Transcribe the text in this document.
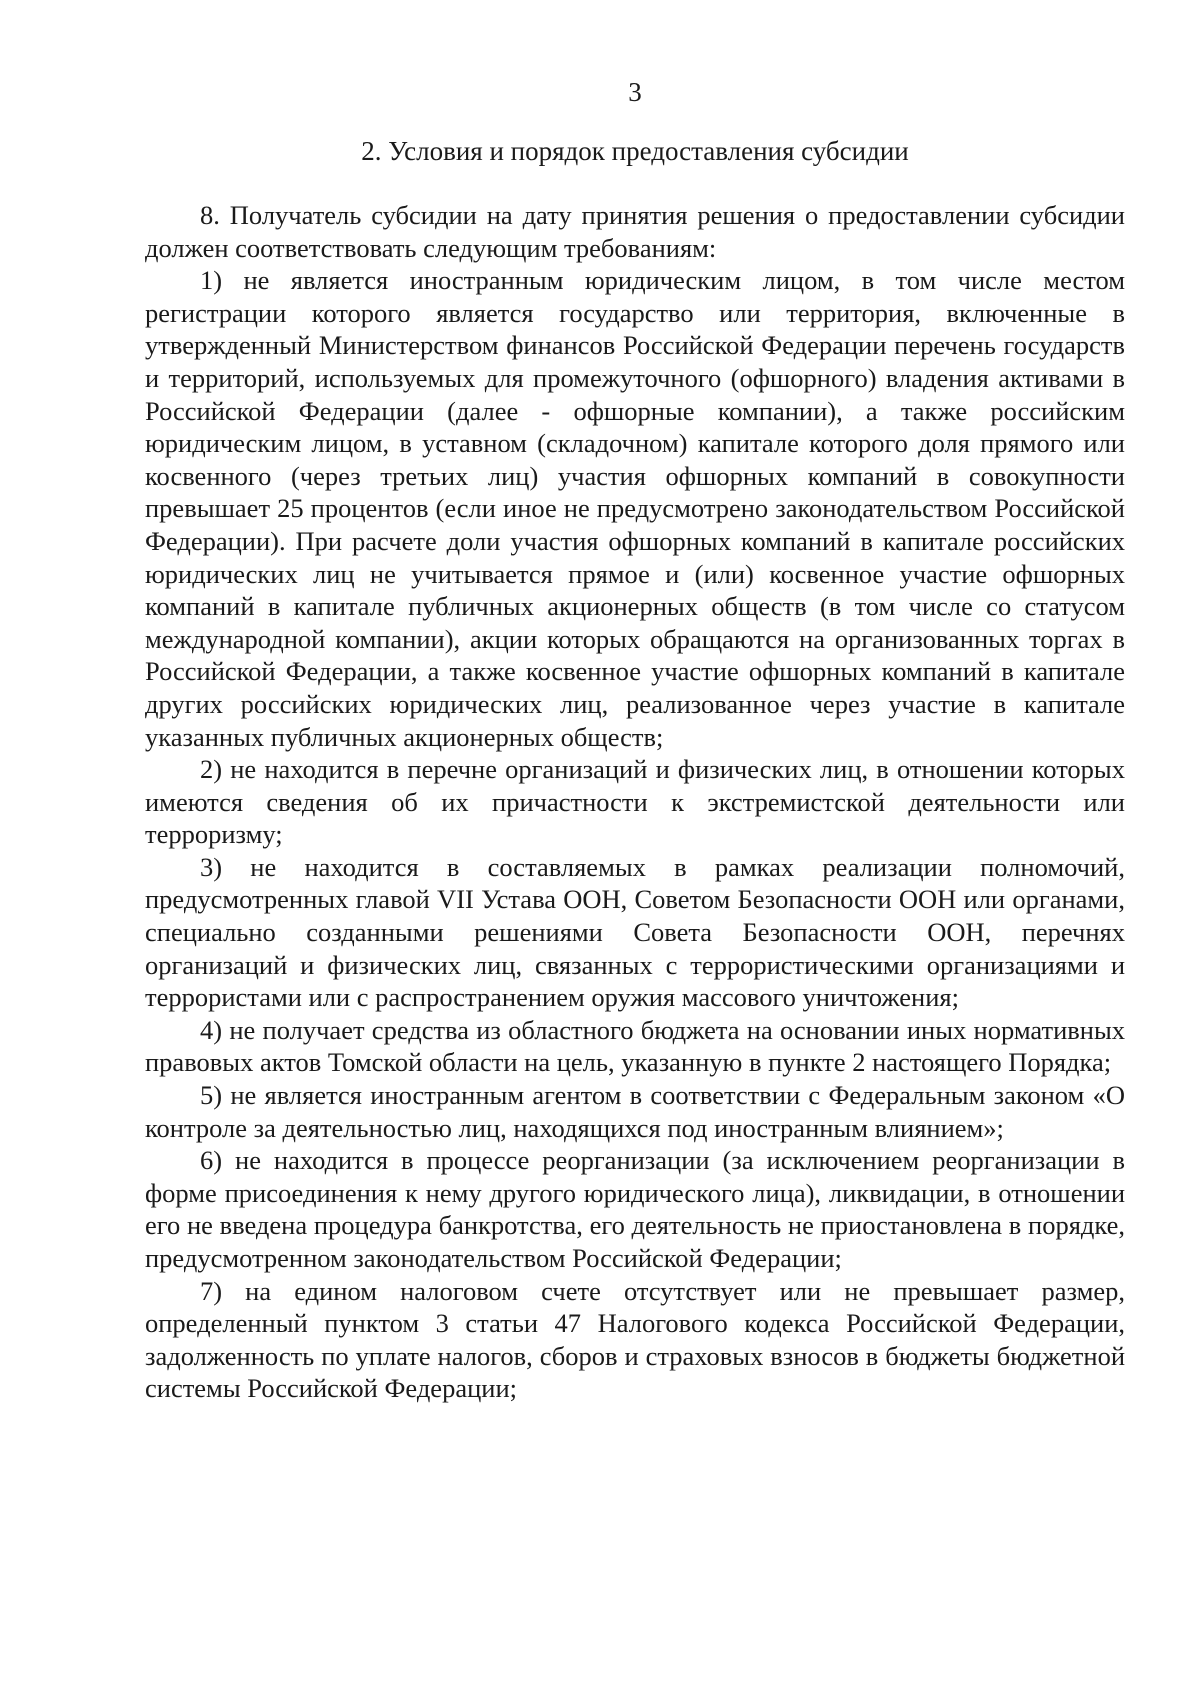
3
2. Условия и порядок предоставления субсидии

8. Получатель субсидии на дату принятия решения о предоставлении субсидии должен соответствовать следующим требованиям:

1) не является иностранным юридическим лицом, в том числе местом регистрации которого является государство или территория, включенные в утвержденный Министерством финансов Российской Федерации перечень государств и территорий, используемых для промежуточного (офшорного) владения активами в Российской Федерации (далее - офшорные компании), а также российским юридическим лицом, в уставном (складочном) капитале которого доля прямого или косвенного (через третьих лиц) участия офшорных компаний в совокупности превышает 25 процентов (если иное не предусмотрено законодательством Российской Федерации). При расчете доли участия офшорных компаний в капитале российских юридических лиц не учитывается прямое и (или) косвенное участие офшорных компаний в капитале публичных акционерных обществ (в том числе со статусом международной компании), акции которых обращаются на организованных торгах в Российской Федерации, а также косвенное участие офшорных компаний в капитале других российских юридических лиц, реализованное через участие в капитале указанных публичных акционерных обществ;

2) не находится в перечне организаций и физических лиц, в отношении которых имеются сведения об их причастности к экстремистской деятельности или терроризму;

3) не находится в составляемых в рамках реализации полномочий, предусмотренных главой VII Устава ООН, Советом Безопасности ООН или органами, специально созданными решениями Совета Безопасности ООН, перечнях организаций и физических лиц, связанных с террористическими организациями и террористами или с распространением оружия массового уничтожения;

4) не получает средства из областного бюджета на основании иных нормативных правовых актов Томской области на цель, указанную в пункте 2 настоящего Порядка;

5) не является иностранным агентом в соответствии с Федеральным законом «О контроле за деятельностью лиц, находящихся под иностранным влиянием»;

6) не находится в процессе реорганизации (за исключением реорганизации в форме присоединения к нему другого юридического лица), ликвидации, в отношении его не введена процедура банкротства, его деятельность не приостановлена в порядке, предусмотренном законодательством Российской Федерации;

7) на едином налоговом счете отсутствует или не превышает размер, определенный пунктом 3 статьи 47 Налогового кодекса Российской Федерации, задолженность по уплате налогов, сборов и страховых взносов в бюджеты бюджетной системы Российской Федерации;
